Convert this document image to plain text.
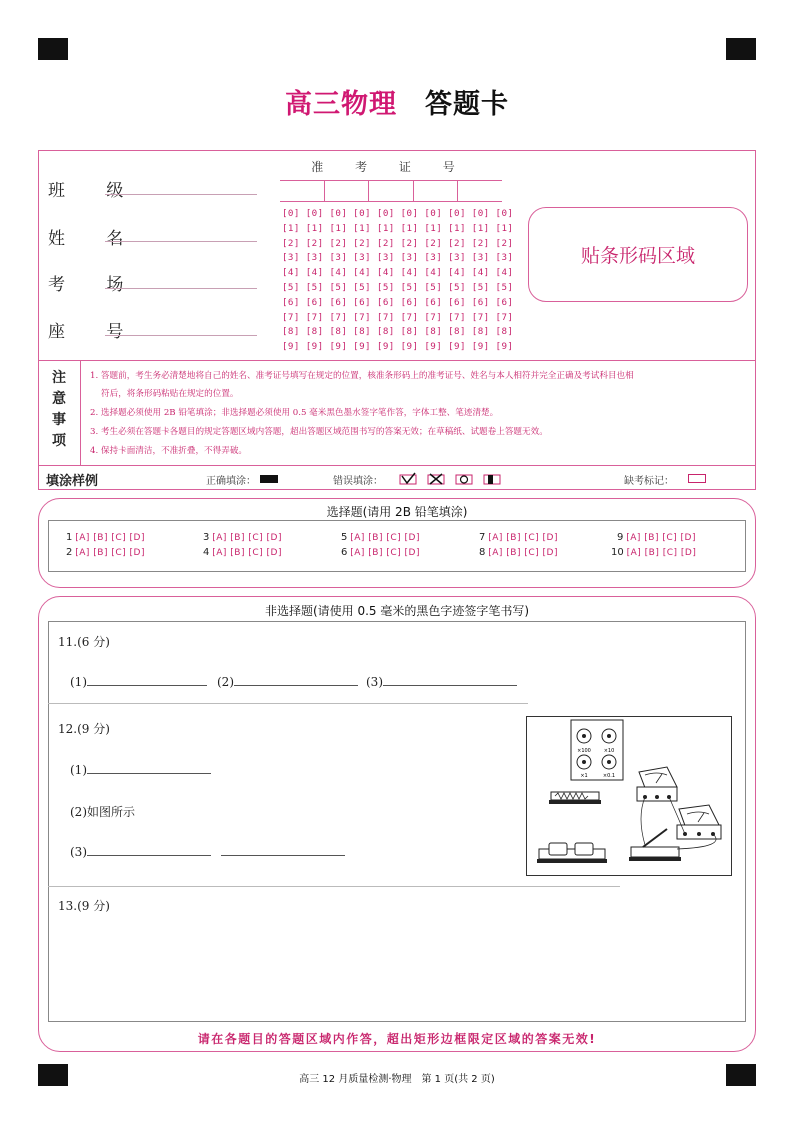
高三物理 答题卡
班 级
姓 名
考 场
座 号
准 考 证 号
[0] [0] [0] [0] [0] [0] [0] [0] [0] [0]
[1] [1] [1] [1] [1] [1] [1] [1] [1] [1]
[2] [2] [2] [2] [2] [2] [2] [2] [2] [2]
[3] [3] [3] [3] [3] [3] [3] [3] [3] [3]
[4] [4] [4] [4] [4] [4] [4] [4] [4] [4]
[5] [5] [5] [5] [5] [5] [5] [5] [5] [5]
[6] [6] [6] [6] [6] [6] [6] [6] [6] [6]
[7] [7] [7] [7] [7] [7] [7] [7] [7] [7]
[8] [8] [8] [8] [8] [8] [8] [8] [8] [8]
[9] [9] [9] [9] [9] [9] [9] [9] [9] [9]
贴条形码区域
注
意
事
项
1. 答题前，考生务必清楚地将自己的姓名、准考证号填写在规定的位置，核准条形码上的准考证号、姓名与本人相符并完全正确及考试科目也相
符后，将条形码粘贴在规定的位置。
2. 选择题必须使用 2B 铅笔填涂；非选择题必须使用 0.5 毫米黑色墨水签字笔作答，字体工整、笔迹清楚。
3. 考生必须在答题卡各题目的规定答题区域内答题，超出答题区域范围书写的答案无效；在草稿纸、试题卷上答题无效。
4. 保持卡面清洁，不准折叠，不得弄破。
填涂样例	正确填涂：	错误填涂：	缺考标记：
选择题(请用 2B 铅笔填涂)
1 [A] [B] [C] [D]	3 [A] [B] [C] [D]	5 [A] [B] [C] [D]	7 [A] [B] [C] [D]	9 [A] [B] [C] [D]
2 [A] [B] [C] [D]	4 [A] [B] [C] [D]	6 [A] [B] [C] [D]	8 [A] [B] [C] [D]	10 [A] [B] [C] [D]
非选择题(请使用 0.5 毫米的黑色字迹签字笔书写)
11.(6 分)
(1)	(2)	(3)
12.(9 分)
(1)
(2)如图所示
(3)
×100	×10
×1	×0.1
13.(9 分)
请在各题目的答题区域内作答，超出矩形边框限定区域的答案无效!
高三 12 月质量检测·物理　第 1 页(共 2 页)
